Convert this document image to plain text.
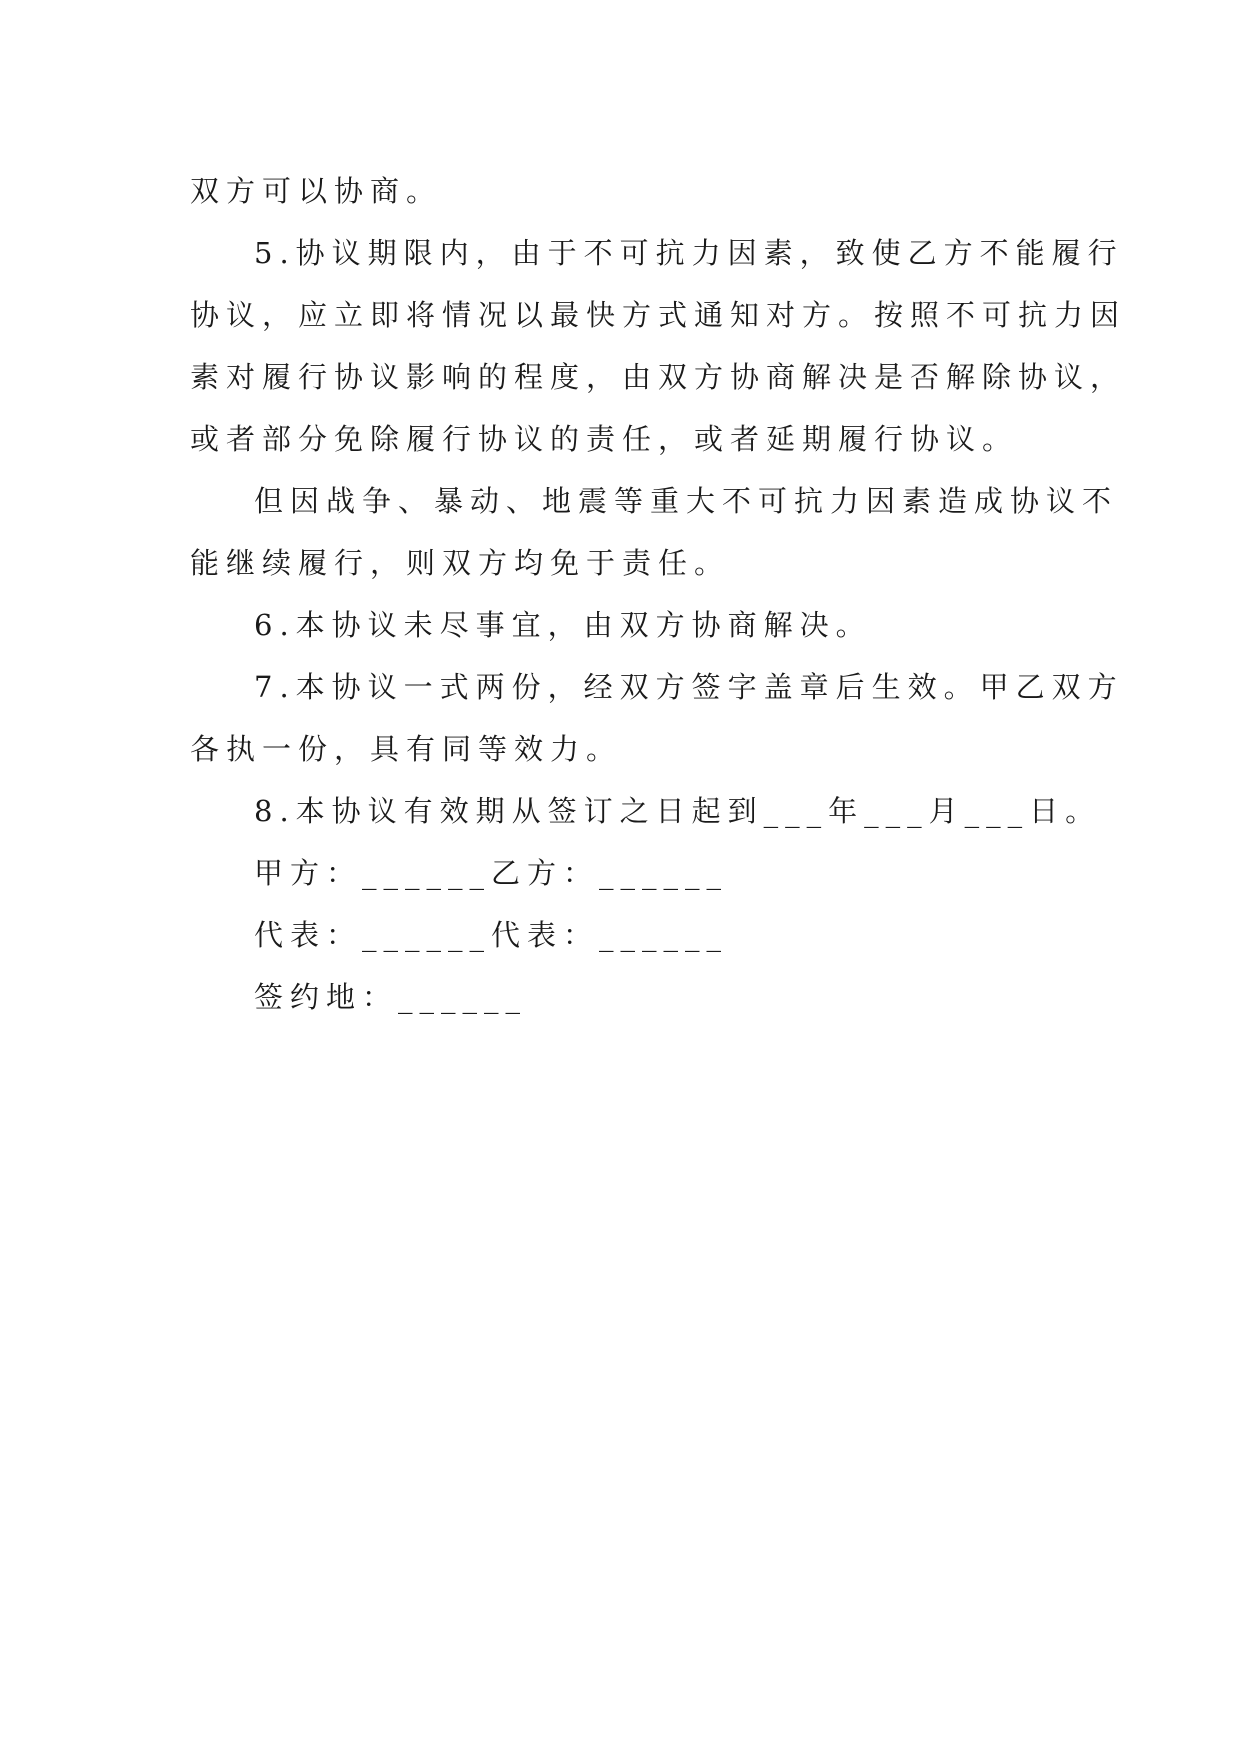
双方可以协商。
5.协议期限内，由于不可抗力因素，致使乙方不能履行
协议，应立即将情况以最快方式通知对方。按照不可抗力因
素对履行协议影响的程度，由双方协商解决是否解除协议，
或者部分免除履行协议的责任，或者延期履行协议。
但因战争、暴动、地震等重大不可抗力因素造成协议不
能继续履行，则双方均免于责任。
6.本协议未尽事宜，由双方协商解决。
7.本协议一式两份，经双方签字盖章后生效。甲乙双方
各执一份，具有同等效力。
8.本协议有效期从签订之日起到___年___月___日。
甲方：______乙方：______
代表：______代表：______
签约地：______
